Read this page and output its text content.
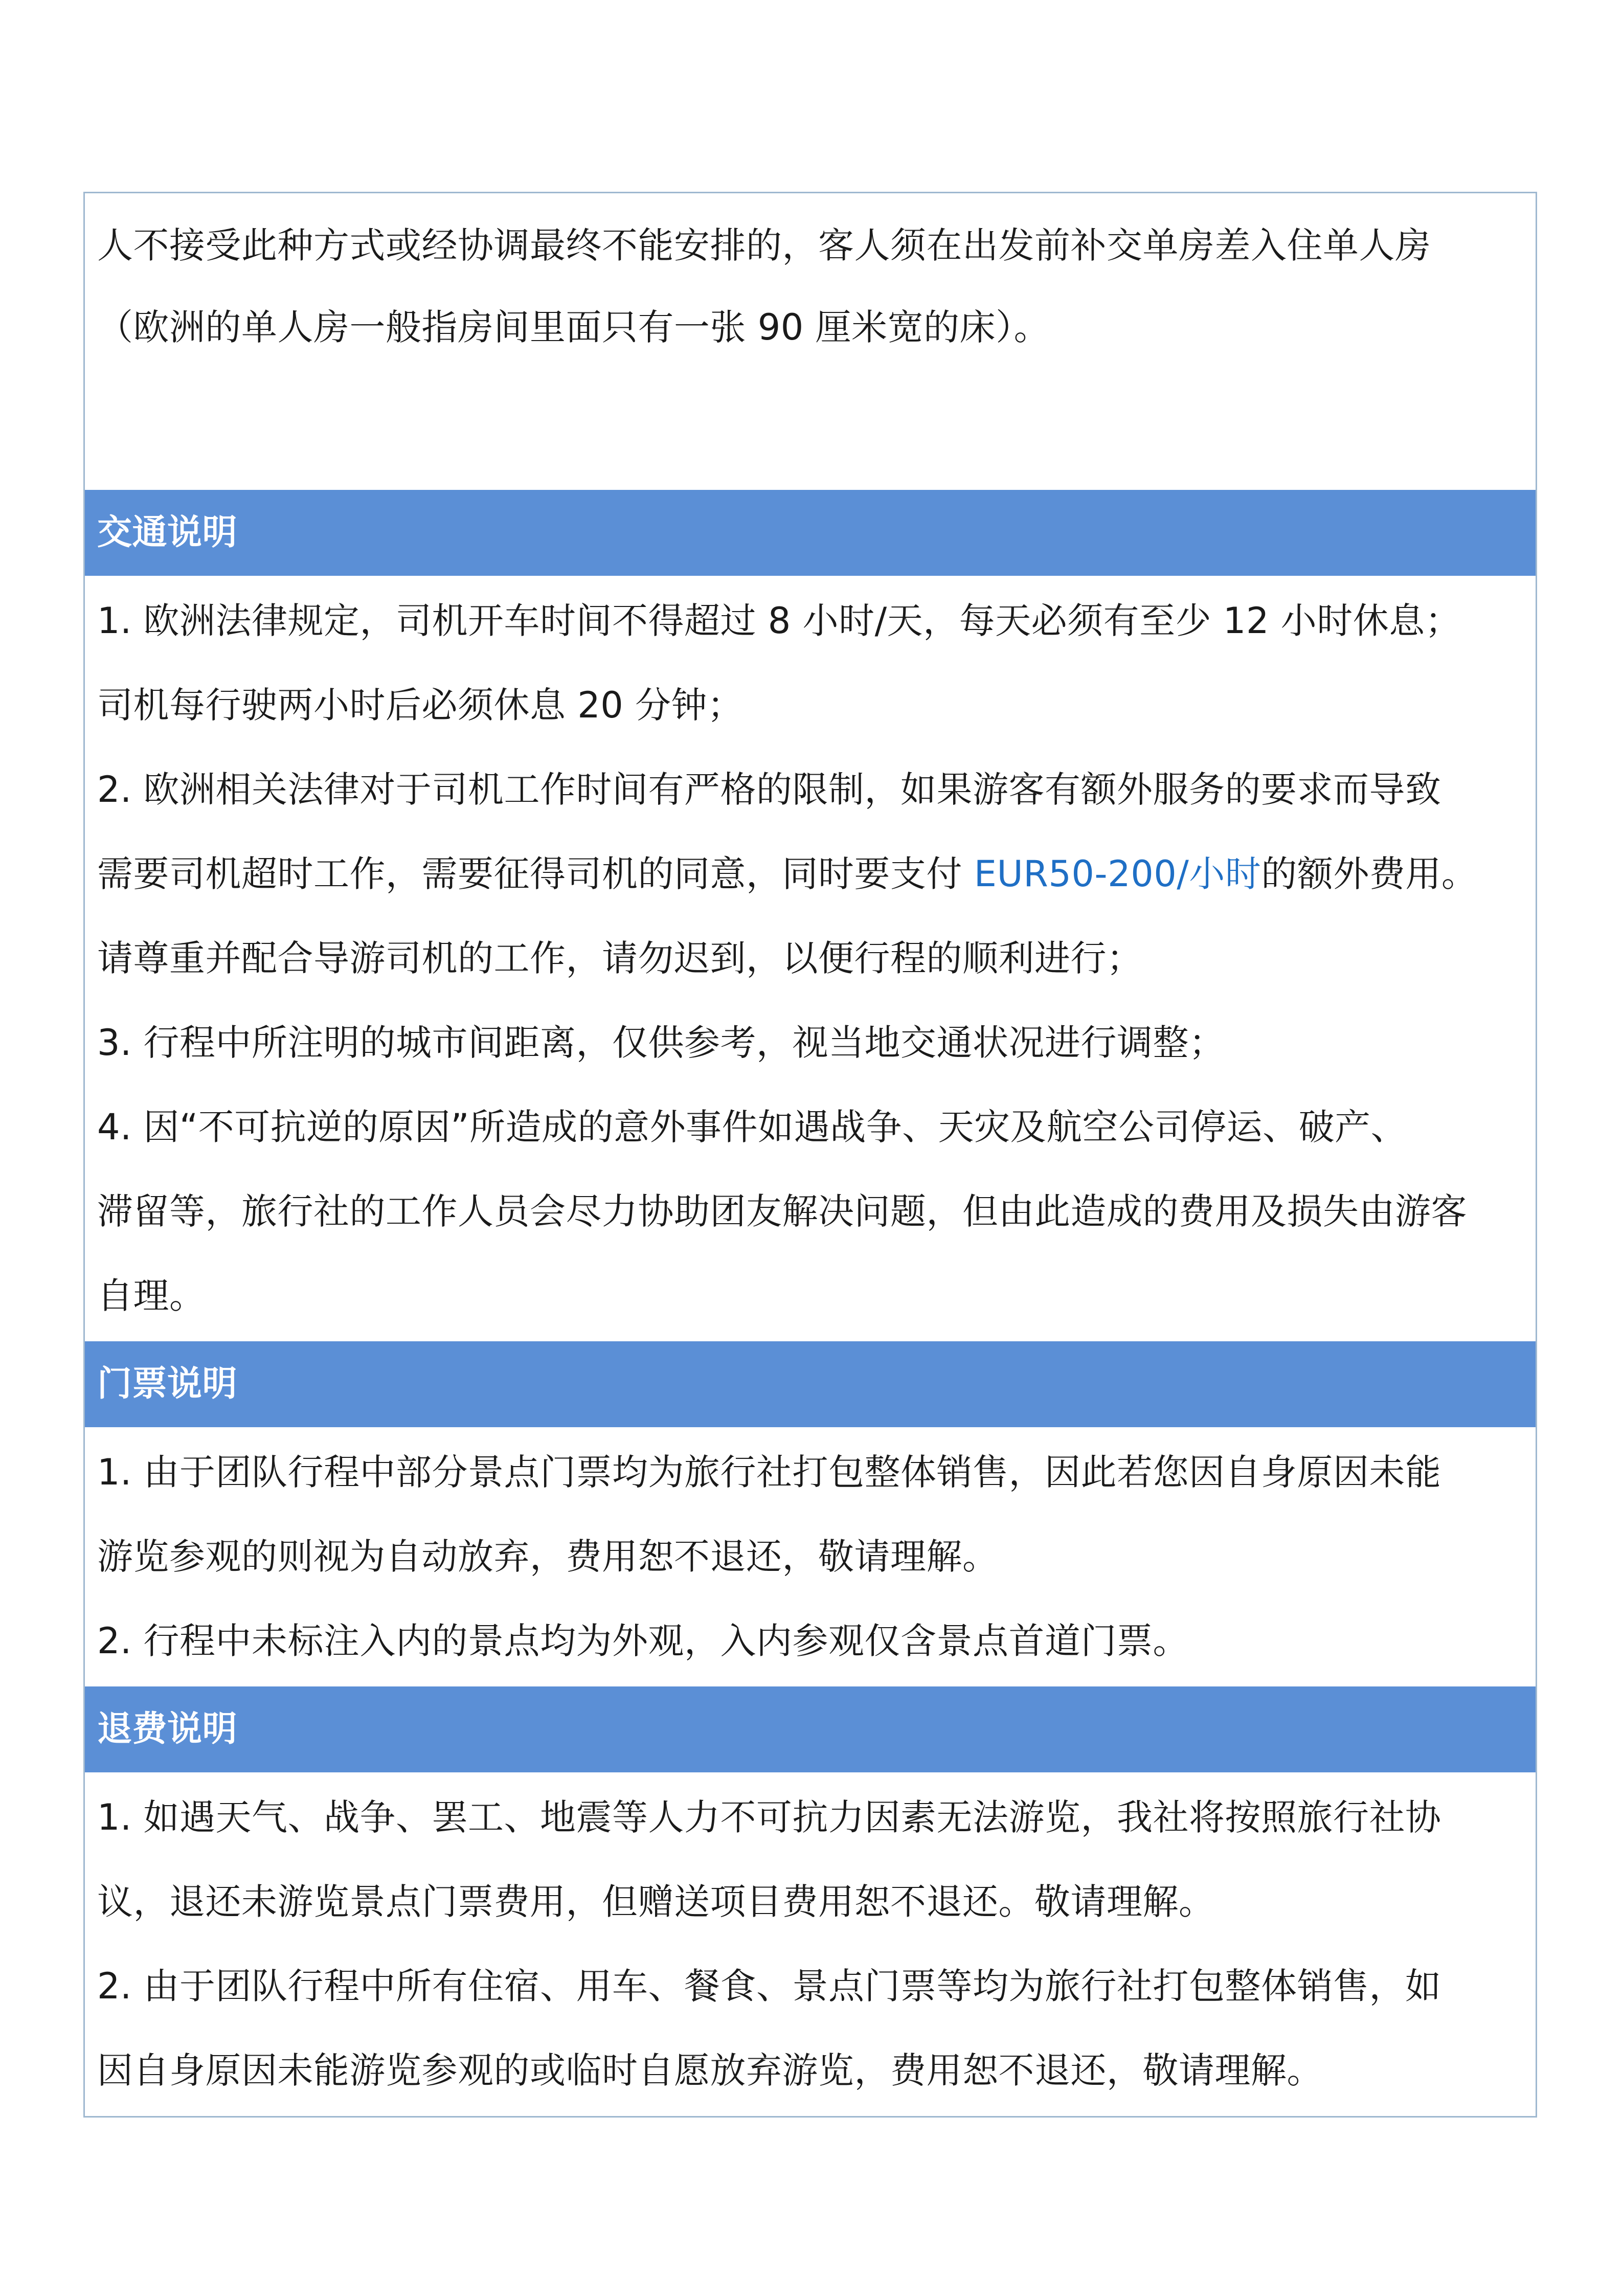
人不接受此种方式或经协调最终不能安排的，客人须在出发前补交单房差入住单人房
（欧洲的单人房一般指房间里面只有一张 90 厘米宽的床）。
交通说明
1. 欧洲法律规定，司机开车时间不得超过 8 小时/天，每天必须有至少 12 小时休息；
司机每行驶两小时后必须休息 20 分钟；
2. 欧洲相关法律对于司机工作时间有严格的限制，如果游客有额外服务的要求而导致
需要司机超时工作，需要征得司机的同意，同时要支付 EUR50-200/小时的额外费用。
请尊重并配合导游司机的工作，请勿迟到，以便行程的顺利进行；
3. 行程中所注明的城市间距离，仅供参考，视当地交通状况进行调整；
4. 因“不可抗逆的原因”所造成的意外事件如遇战争、天灾及航空公司停运、破产、
滞留等，旅行社的工作人员会尽力协助团友解决问题，但由此造成的费用及损失由游客
自理。
门票说明
1. 由于团队行程中部分景点门票均为旅行社打包整体销售，因此若您因自身原因未能
游览参观的则视为自动放弃，费用恕不退还，敬请理解。
2. 行程中未标注入内的景点均为外观，入内参观仅含景点首道门票。
退费说明
1. 如遇天气、战争、罢工、地震等人力不可抗力因素无法游览，我社将按照旅行社协
议，退还未游览景点门票费用，但赠送项目费用恕不退还。敬请理解。
2. 由于团队行程中所有住宿、用车、餐食、景点门票等均为旅行社打包整体销售，如
因自身原因未能游览参观的或临时自愿放弃游览，费用恕不退还，敬请理解。
